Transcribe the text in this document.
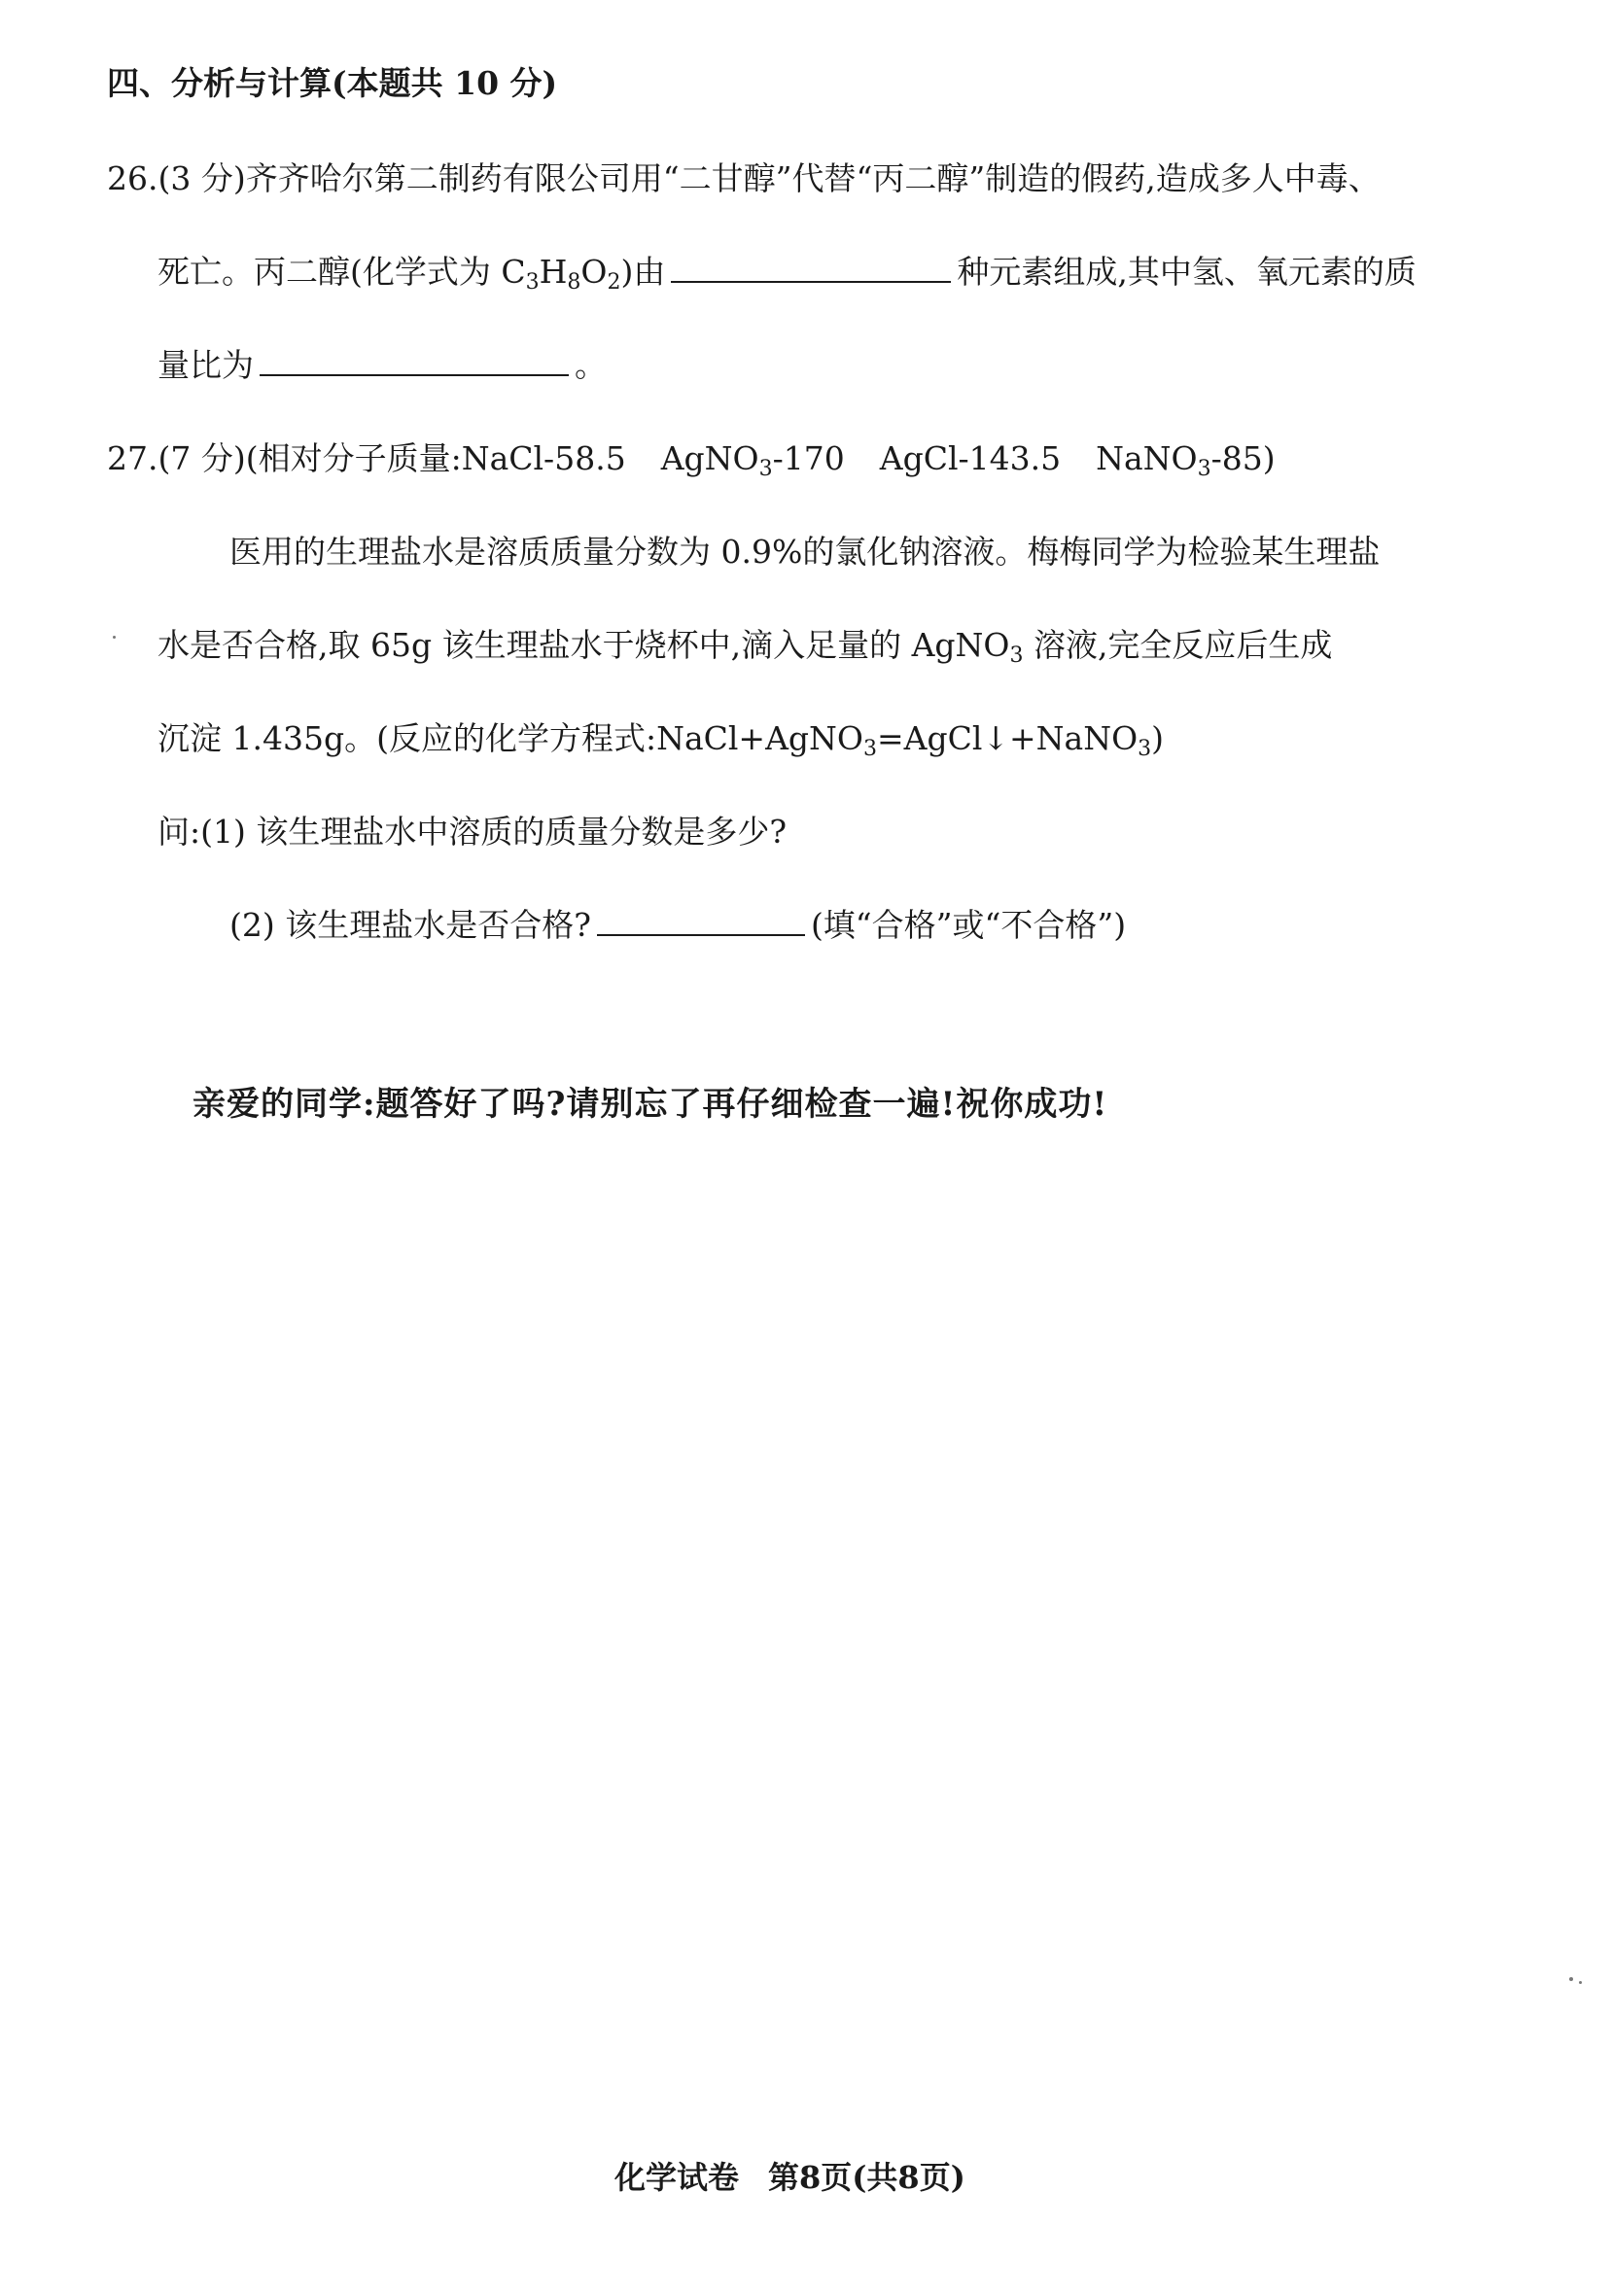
四、分析与计算(本题共 10 分)
26.(3 分)齐齐哈尔第二制药有限公司用“二甘醇”代替“丙二醇”制造的假药,造成多人中毒、
死亡。丙二醇(化学式为 $C_3H_8O_2$)由	种元素组成,其中氢、氧元素的质
量比为	。
27.(7 分)(相对分子质量:NaCl-58.5 AgNO$_3$-170 AgCl-143.5 NaNO$_3$-85)
医用的生理盐水是溶质质量分数为 0.9%的氯化钠溶液。梅梅同学为检验某生理盐
水是否合格,取 65g 该生理盐水于烧杯中,滴入足量的 AgNO$_3$ 溶液,完全反应后生成
沉淀 1.435g。(反应的化学方程式:NaCl+AgNO$_3$=AgCl↓+NaNO$_3$)
问:(1) 该生理盐水中溶质的质量分数是多少?
(2) 该生理盐水是否合格?	(填“合格”或“不合格”)
亲爱的同学:题答好了吗?请别忘了再仔细检查一遍!祝你成功!
化学试卷 第8页(共8页)
